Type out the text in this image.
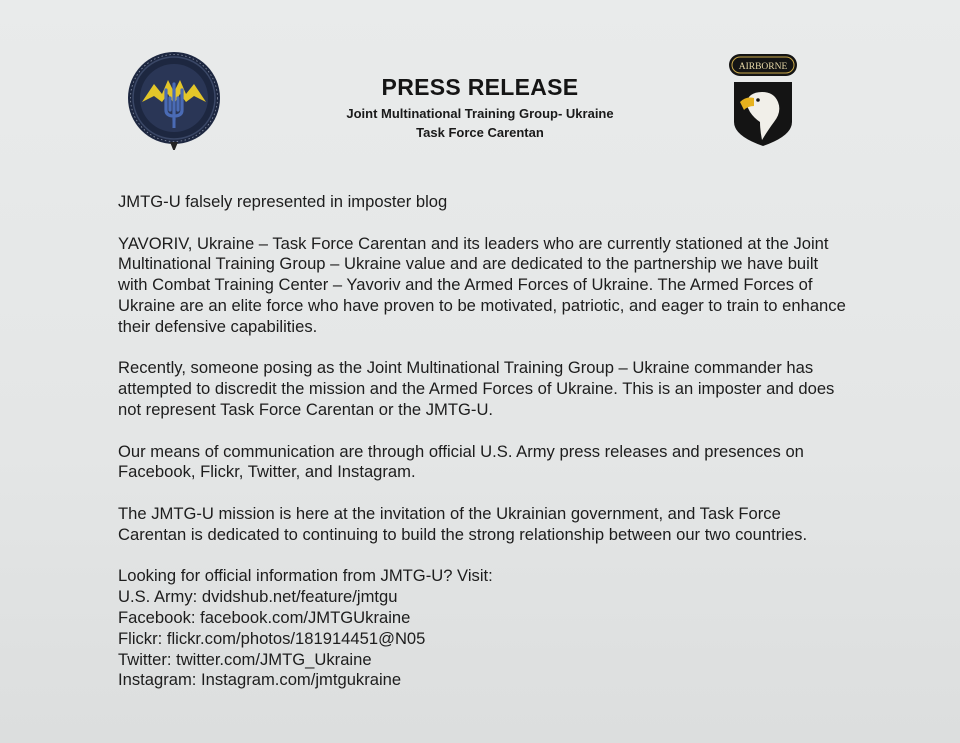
PRESS RELEASE
Joint Multinational Training Group- Ukraine
Task Force Carentan
AIRBORNE

JMTG-U falsely represented in imposter blog

YAVORIV, Ukraine – Task Force Carentan and its leaders who are currently stationed at the Joint Multinational Training Group – Ukraine value and are dedicated to the partnership we have built with Combat Training Center – Yavoriv and the Armed Forces of Ukraine. The Armed Forces of Ukraine are an elite force who have proven to be motivated, patriotic, and eager to train to enhance their defensive capabilities.

Recently, someone posing as the Joint Multinational Training Group – Ukraine commander has attempted to discredit the mission and the Armed Forces of Ukraine. This is an imposter and does not represent Task Force Carentan or the JMTG-U.

Our means of communication are through official U.S. Army press releases and presences on Facebook, Flickr, Twitter, and Instagram.

The JMTG-U mission is here at the invitation of the Ukrainian government, and Task Force Carentan is dedicated to continuing to build the strong relationship between our two countries.

Looking for official information from JMTG-U? Visit:

U.S. Army: dvidshub.net/feature/jmtgu

Facebook: facebook.com/JMTGUkraine

Flickr: flickr.com/photos/181914451@N05

Twitter: twitter.com/JMTG_Ukraine

Instagram: Instagram.com/jmtgukraine
